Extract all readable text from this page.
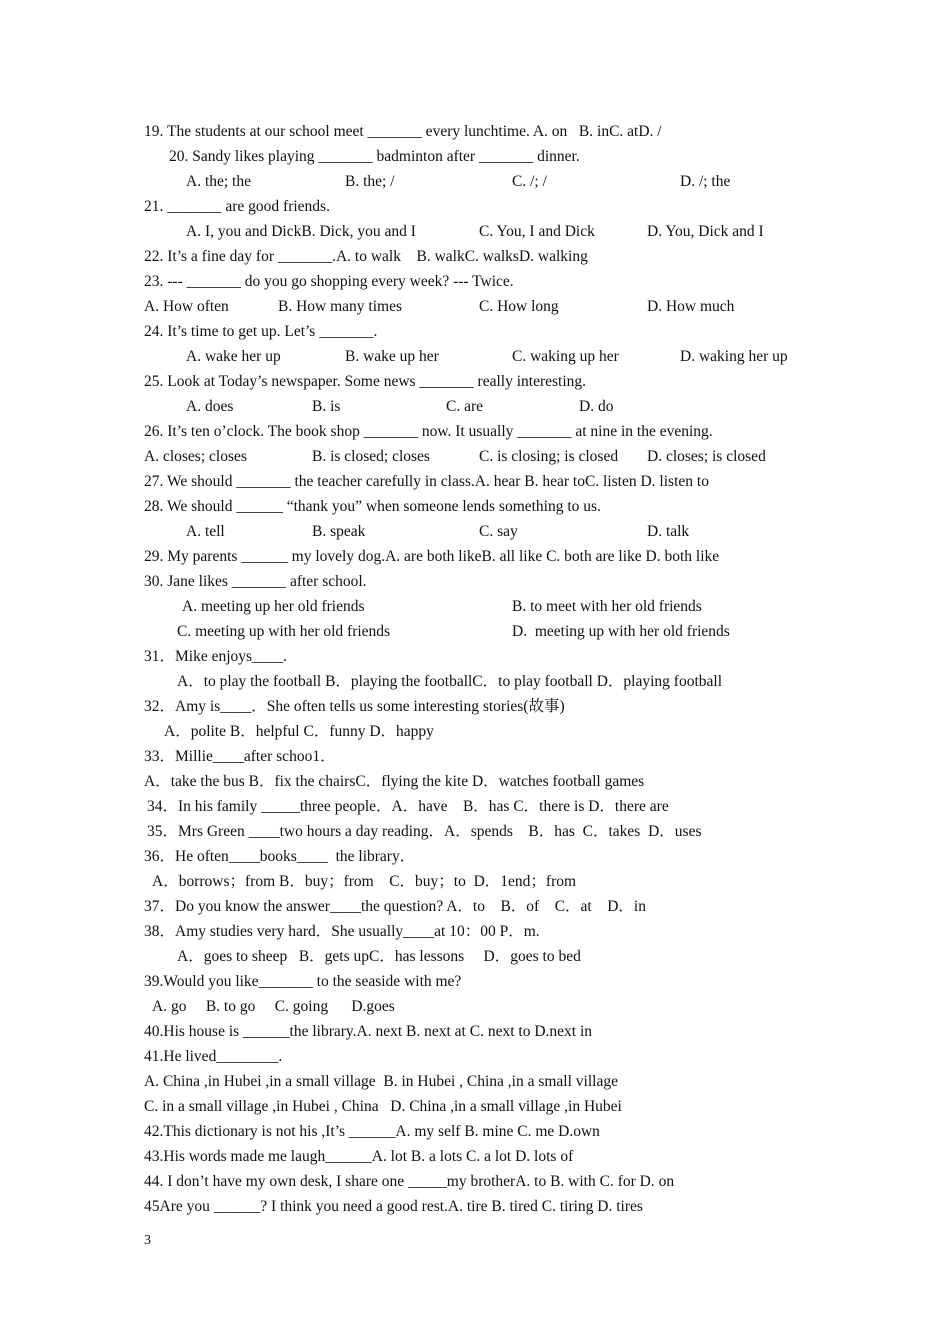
19. The students at our school meet _______ every lunchtime. A. on   B. inC. atD. /
20. Sandy likes playing _______ badminton after _______ dinner.
A. the; the	B. the; /	C. /; /	D. /; the
21. _______ are good friends.
A. I, you and DickB. Dick, you and I	C. You, I and Dick	D. You, Dick and I
22. It’s a fine day for _______.A. to walk    B. walkC. walksD. walking
23. --- _______ do you go shopping every week? --- Twice.
A. How often	B. How many times	C. How long	D. How much
24. It’s time to get up. Let’s _______.
A. wake her up	B. wake up her	C. waking up her	D. waking her up
25. Look at Today’s newspaper. Some news _______ really interesting.
A. does	B. is	C. are	D. do
26. It’s ten o’clock. The book shop _______ now. It usually _______ at nine in the evening.
A. closes; closes	B. is closed; closes	C. is closing; is closed D. closes; is closed
27. We should _______ the teacher carefully in class.A. hear B. hear toC. listen D. listen to
28. We should ______ “thank you” when someone lends something to us.
A. tell	B. speak	C. say	D. talk
29. My parents ______ my lovely dog.A. are both likeB. all like C. both are like D. both like
30. Jane likes _______ after school.
A. meeting up her old friends	B. to meet with her old friends
C. meeting up with her old friends	D.  meeting up with her old friends
31．Mike enjoys____.
A．to play the football B．playing the footballC．to play football D．playing football
32．Amy is____．She often tells us some interesting stories(故事)
A．polite B．helpful C．funny D．happy
33．Millie____after schoo1．
A．take the bus B．fix the chairsC．flying the kite D．watches football games
34．In his family _____three people．A．have    B．has C．there is D．there are
35．Mrs Green ____two hours a day reading．A．spends    B．has  C．takes  D．uses
36．He often____books____  the library．
A．borrows；from B．buy；from    C．buy；to  D．1end；from
37．Do you know the answer____the question? A．to    B．of    C．at    D．in
38．Amy studies very hard．She usually____at 10：00 P．m.
A．goes to sheep   B．gets upC．has lessons     D．goes to bed
39.Would you like_______ to the seaside with me?
A. go     B. to go     C. going      D.goes
40.His house is ______the library.A. next B. next at C. next to D.next in
41.He lived________.
A. China ,in Hubei ,in a small village  B. in Hubei , China ,in a small village
C. in a small village ,in Hubei , China   D. China ,in a small village ,in Hubei
42.This dictionary is not his ,It’s ______A. my self B. mine C. me D.own
43.His words made me laugh______A. lot B. a lots C. a lot D. lots of
44. I don’t have my own desk, I share one _____my brotherA. to B. with C. for D. on
45Are you ______? I think you need a good rest.A. tire B. tired C. tiring D. tires
3
